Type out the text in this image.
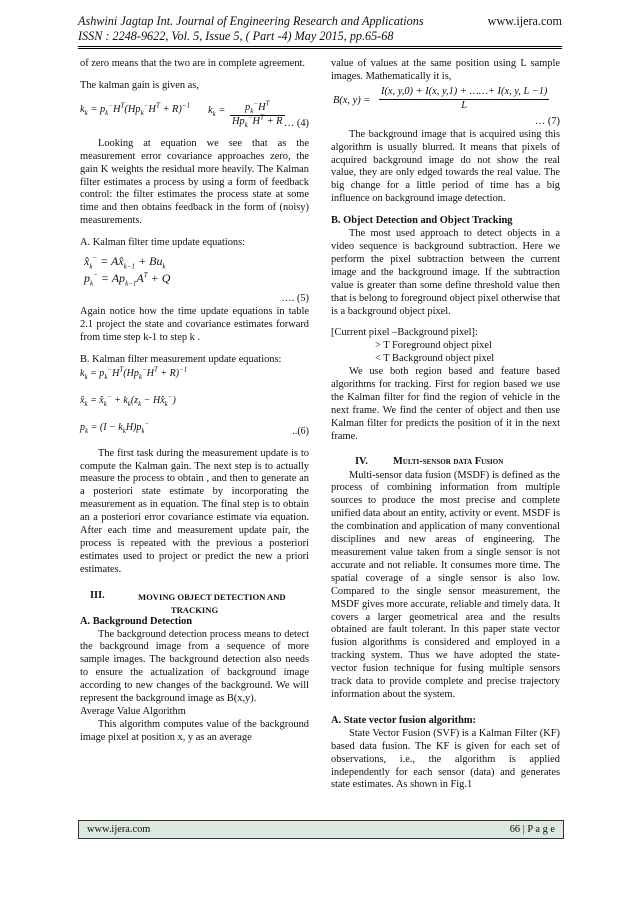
Ashwini Jagtap Int. Journal of Engineering Research and Applications
ISSN : 2248-9622, Vol. 5, Issue 5, ( Part -4) May 2015, pp.65-68
www.ijera.com

of zero means that the two are in complete agreement.

The kalman gain is given as,

$k_k = p_k^-H^T(Hp_k^-H^T + R)^{-1}$ $k_k$ =	$p_k^-H^T$
$Hp_k^-H^T + R$ … (4)

Looking at equation we see that as the measurement error covariance approaches zero, the gain K weights the residual more heavily. The Kalman filter estimates a process by using a form of feedback control: the filter estimates the process state at some time and then obtains feedback in the form of (noisy) measurements.

A. Kalman filter time update equations:

$x̂_k^-$ = $Ax̂_{k-1} + Bu_k$
$p_k^- = Ap_{k-1}A^T + Q$
…. (5)

Again notice how the time update equations in table 2.1 project the state and covariance estimates forward from time step k-1 to step k .

B. Kalman filter measurement update equations:

$k_k = p_k^-H^T(Hp_k^-H^T + R)^{-1}$
$x̂_k$ = $x̂_k^- + k_k(z_k$ − $Hx̂_k^-$)
$p_k = (I - k_kH)p_k^-$
..(6)

The first task during the measurement update is to compute the Kalman gain. The next step is to actually measure the process to obtain , and then to generate an a posteriori state estimate by incorporating the measurement as in equation. The final step is to obtain an a posteriori error covariance estimate via equation. After each time and measurement update pair, the process is repeated with the previous a posteriori estimates used to project or predict the new a priori estimates.

III.	MOVING OBJECT DETECTION AND
TRACKING

A. Background Detection

The background detection process means to detect the background image from a sequence of more sample images. The background detection also needs to ensure the actualization of background image according to new changes of the background. We will represent the background image as B(x,y).

Average Value Algorithm

This algorithm computes value of the background image pixel at position x, y as an average

value of values at the same position using L sample images. Mathematically it is,

B(x, $y) = \frac{I(x, y,0) + I(x, y,1) + \dots\dots+ I(x, y, L -1)}{L}$
… (7)

The background image that is acquired using this algorithm is usually blurred. It means that pixels of acquired background image do not show the real value, they are only edged towards the real value. The big change for a little period of time has a big influence on background image detection.

B. Object Detection and Object Tracking

The most used approach to detect objects in a video sequence is background subtraction. Here we perform the pixel subtraction between the current image and the background image. If the subtraction value is greater than some define threshold value then that is belong to foreground object pixel otherwise that is a background object pixel.

[Current pixel –Background pixel]:

> T Foreground object pixel

< T Background object pixel

We use both region based and feature based algorithms for tracking. First for region based we use the Kalman filter for find the region of vehicle in the next frame. We find the center of object and then use Kalman filter for predicts the position of it in the next frame.

IV. Multi-sensor data Fusion

Multi-sensor data fusion (MSDF) is defined as the process of combining information from multiple sources to produce the most precise and complete unified data about an entity, activity or event. MSDF is the combination and application of many conventional disciplines and new areas of engineering. The measurement value taken from a single sensor is not accurate and not reliable. It consumes more time. The spatial coverage of a single sensor is also low. Compared to the single sensor measurement, the MSDF gives more accurate, reliable and timely data. It covers a larger geometrical area and the results obtained are fault tolerant. In this paper state vector fusion algorithms is considered and employed in a tracking system. Thus we have adopted the state-vector fusion technique for fusing multiple sensors track data to provide complete and precise trajectory information about the system.

A. State vector fusion algorithm:

State Vector Fusion (SVF) is a Kalman Filter (KF) based data fusion. The KF is given for each set of observations, i.e., the algorithm is applied independently for each sensor (data) and generates state estimates. As shown in Fig.1

www.ijera.com	66 | P a g e
